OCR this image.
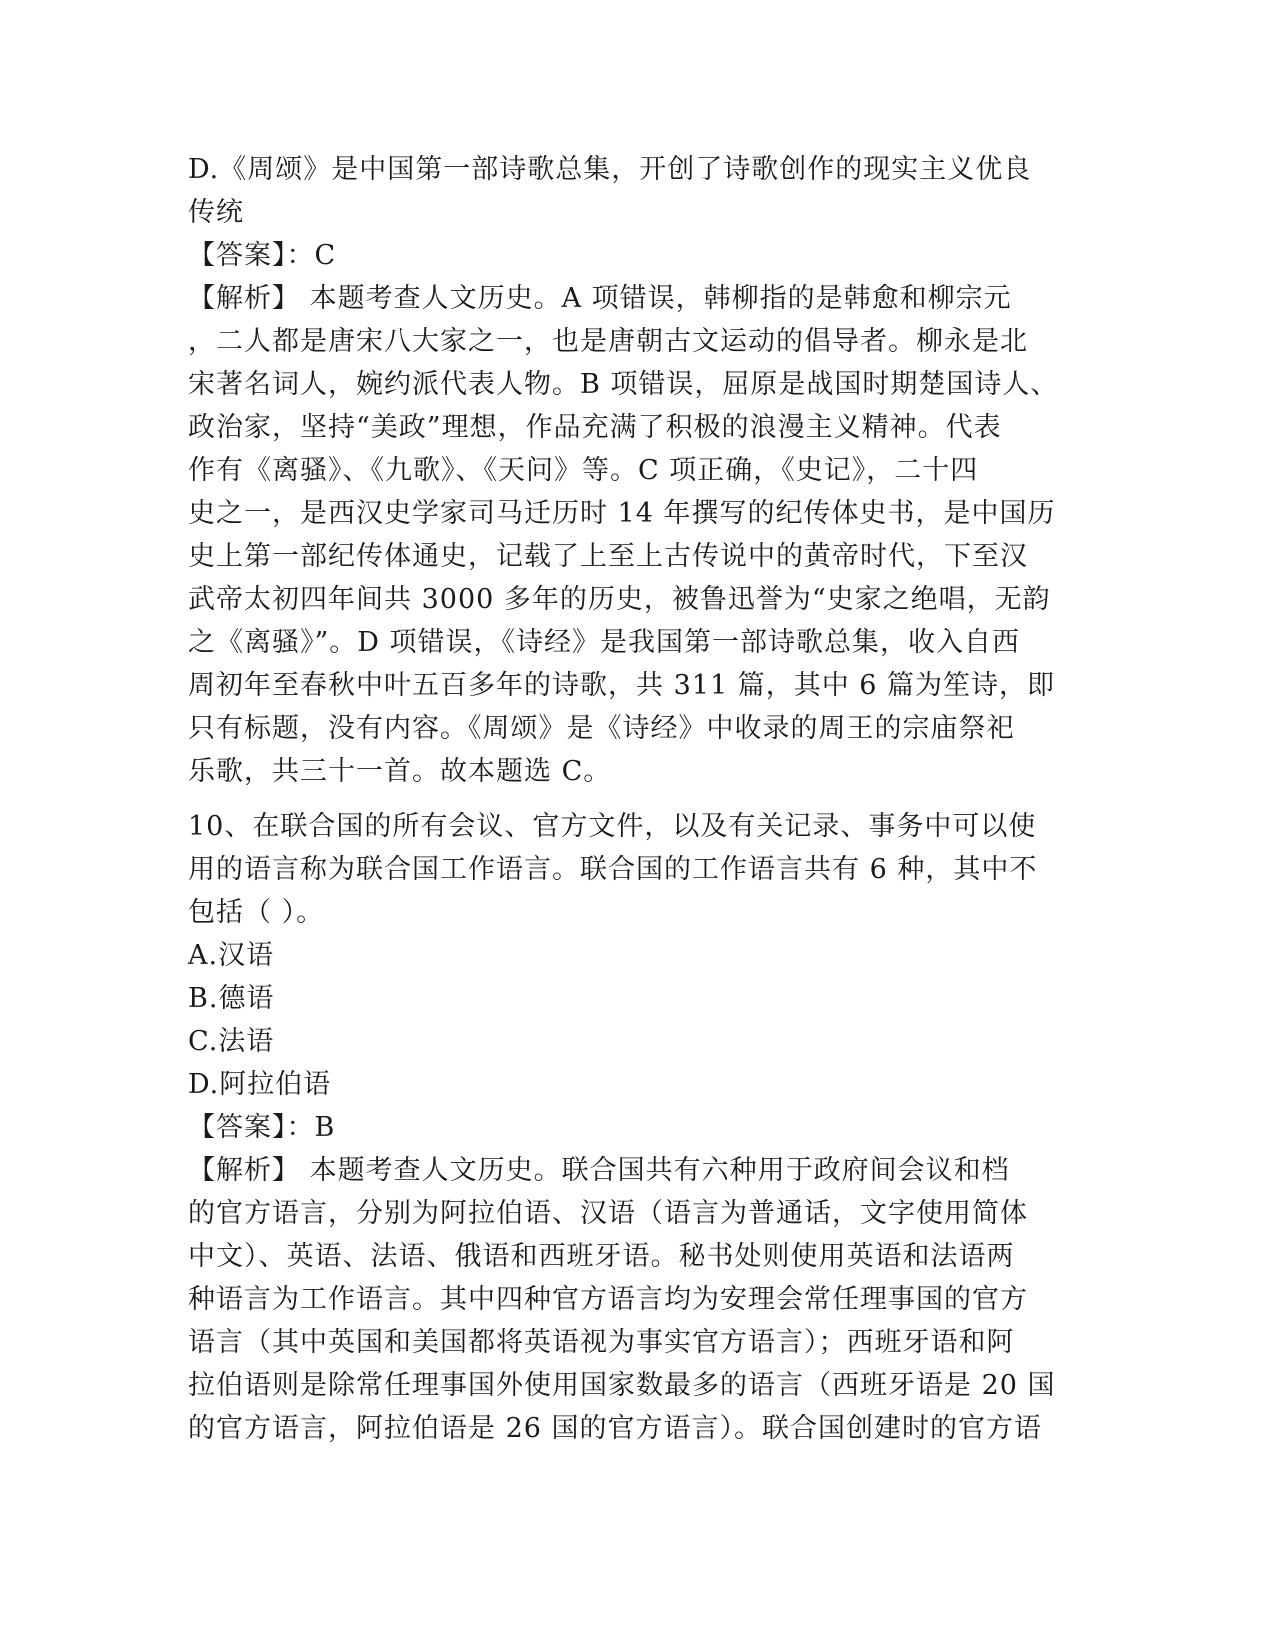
D.《周颂》是中国第一部诗歌总集，开创了诗歌创作的现实主义优良
传统
【答案】：C
【解析】 本题考查人文历史。A 项错误，韩柳指的是韩愈和柳宗元
，二人都是唐宋八大家之一，也是唐朝古文运动的倡导者。柳永是北
宋著名词人，婉约派代表人物。B 项错误，屈原是战国时期楚国诗人、
政治家，坚持“美政”理想，作品充满了积极的浪漫主义精神。代表
作有《离骚》、《九歌》、《天问》等。C 项正确，《史记》，二十四
史之一，是西汉史学家司马迁历时 14 年撰写的纪传体史书，是中国历
史上第一部纪传体通史，记载了上至上古传说中的黄帝时代，下至汉
武帝太初四年间共 3000 多年的历史，被鲁迅誉为“史家之绝唱，无韵
之《离骚》”。D 项错误，《诗经》是我国第一部诗歌总集，收入自西
周初年至春秋中叶五百多年的诗歌，共 311 篇，其中 6 篇为笙诗，即
只有标题，没有内容。《周颂》是《诗经》中收录的周王的宗庙祭祀
乐歌，共三十一首。故本题选 C。
10、在联合国的所有会议、官方文件，以及有关记录、事务中可以使
用的语言称为联合国工作语言。联合国的工作语言共有 6 种，其中不
包括（ ）。
A.汉语
B.德语
C.法语
D.阿拉伯语
【答案】：B
【解析】 本题考查人文历史。联合国共有六种用于政府间会议和档
的官方语言，分别为阿拉伯语、汉语（语言为普通话，文字使用简体
中文）、英语、法语、俄语和西班牙语。秘书处则使用英语和法语两
种语言为工作语言。其中四种官方语言均为安理会常任理事国的官方
语言（其中英国和美国都将英语视为事实官方语言）；西班牙语和阿
拉伯语则是除常任理事国外使用国家数最多的语言（西班牙语是 20 国
的官方语言，阿拉伯语是 26 国的官方语言）。联合国创建时的官方语
